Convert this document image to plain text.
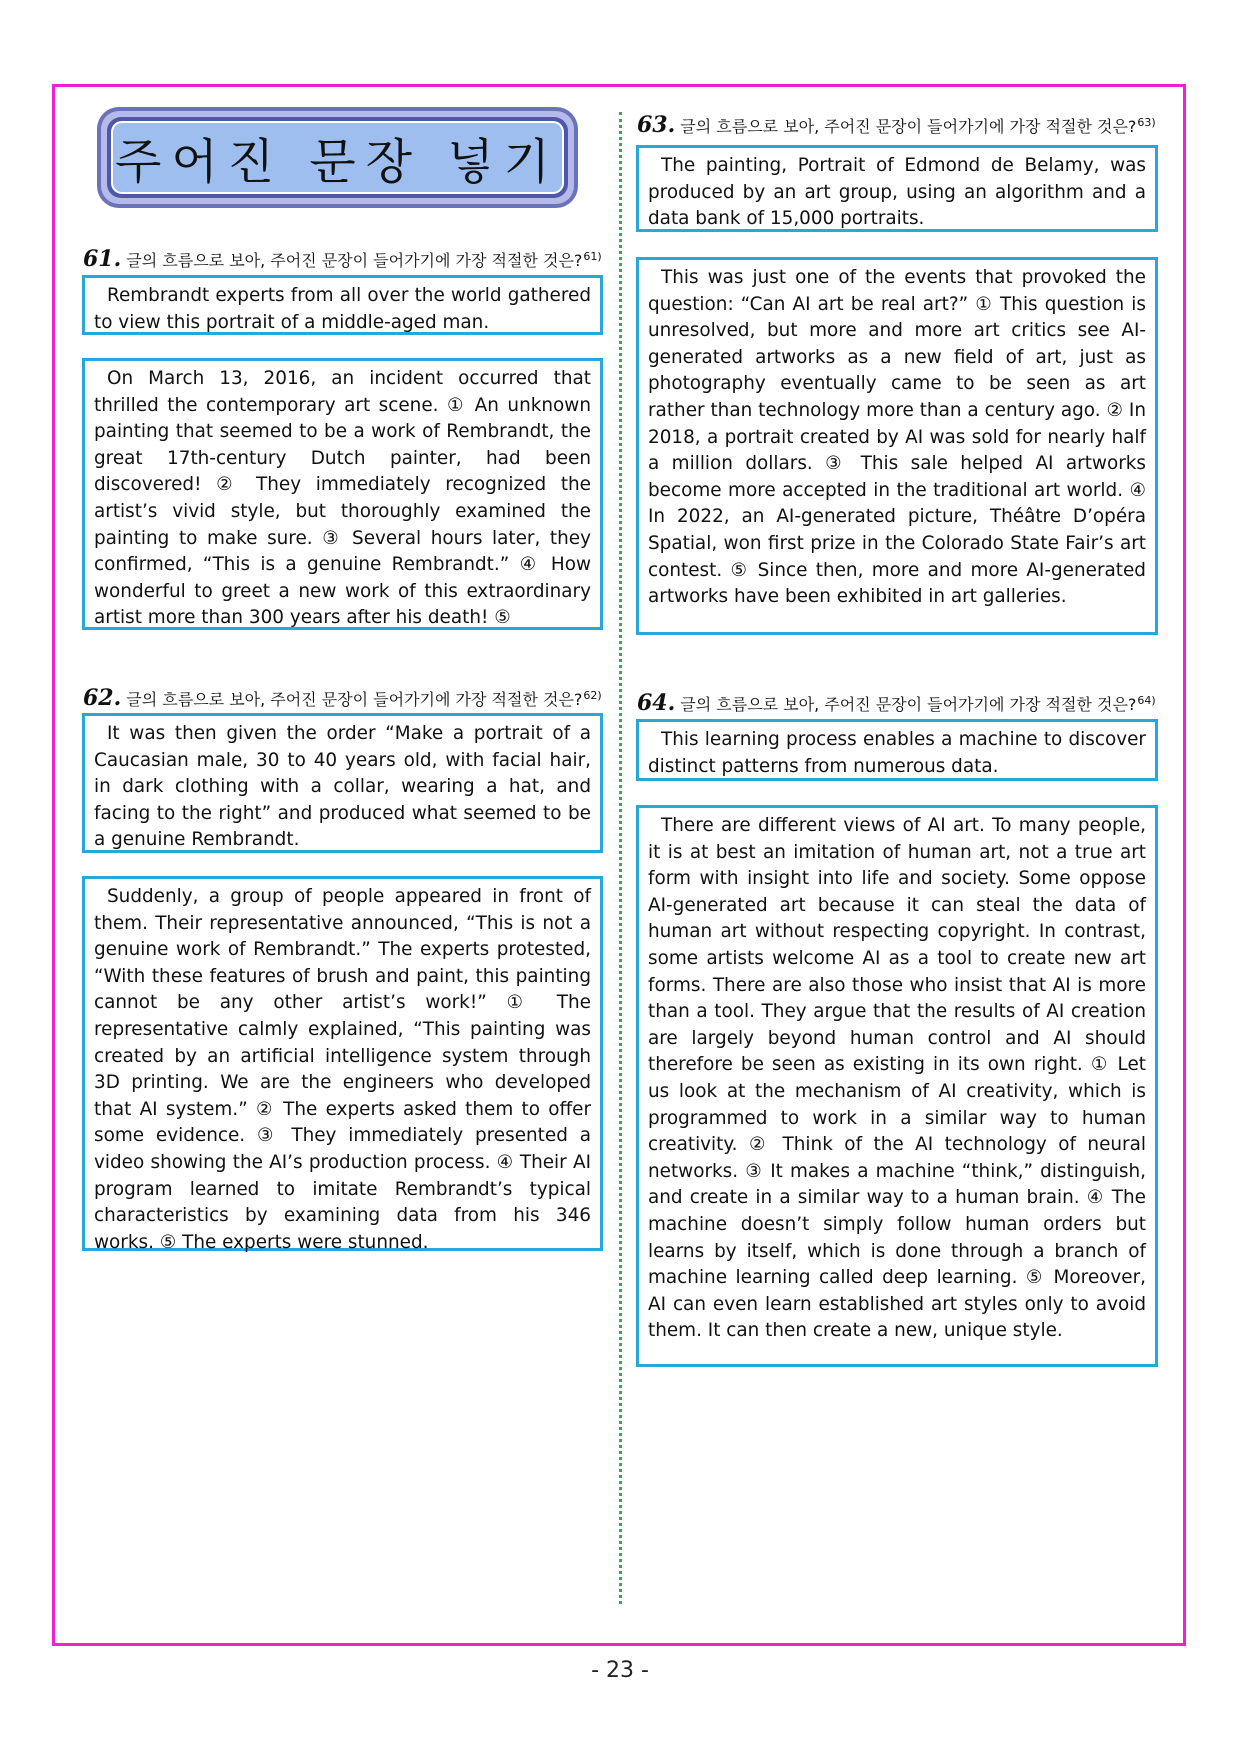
주어진 문장 넣기
61. 글의 흐름으로 보아, 주어진 문장이 들어가기에 가장 적절한 것은? 61)
Rembrandt experts from all over the world gathered to view this portrait of a middle-aged man.
On March 13, 2016, an incident occurred that thrilled the contemporary art scene. ① An unknown painting that seemed to be a work of Rembrandt, the great 17th-century Dutch painter, had been discovered! ② They immediately recognized the artist’s vivid style, but thoroughly examined the painting to make sure. ③ Several hours later, they confirmed, “This is a genuine Rembrandt.” ④ How wonderful to greet a new work of this extraordinary artist more than 300 years after his death! ⑤
62. 글의 흐름으로 보아, 주어진 문장이 들어가기에 가장 적절한 것은? 62)
It was then given the order “Make a portrait of a Caucasian male, 30 to 40 years old, with facial hair, in dark clothing with a collar, wearing a hat, and facing to the right” and produced what seemed to be a genuine Rembrandt.
Suddenly, a group of people appeared in front of them. Their representative announced, “This is not a genuine work of Rembrandt.” The experts protested, “With these features of brush and paint, this painting cannot be any other artist’s work!” ① The representative calmly explained, “This painting was created by an artificial intelligence system through 3D printing. We are the engineers who developed that AI system.” ② The experts asked them to offer some evidence. ③ They immediately presented a video showing the AI’s production process. ④ Their AI program learned to imitate Rembrandt’s typical characteristics by examining data from his 346 works. ⑤ The experts were stunned.
63. 글의 흐름으로 보아, 주어진 문장이 들어가기에 가장 적절한 것은? 63)
The painting, Portrait of Edmond de Belamy, was produced by an art group, using an algorithm and a data bank of 15,000 portraits.
This was just one of the events that provoked the question: “Can AI art be real art?” ① This question is unresolved, but more and more art critics see AI-generated artworks as a new field of art, just as photography eventually came to be seen as art rather than technology more than a century ago. ② In 2018, a portrait created by AI was sold for nearly half a million dollars. ③ This sale helped AI artworks become more accepted in the traditional art world. ④ In 2022, an AI-generated picture, Théâtre D’opéra Spatial, won first prize in the Colorado State Fair’s art contest. ⑤ Since then, more and more AI-generated artworks have been exhibited in art galleries.
64. 글의 흐름으로 보아, 주어진 문장이 들어가기에 가장 적절한 것은? 64)
This learning process enables a machine to discover distinct patterns from numerous data.
There are different views of AI art. To many people, it is at best an imitation of human art, not a true art form with insight into life and society. Some oppose AI-generated art because it can steal the data of human art without respecting copyright. In contrast, some artists welcome AI as a tool to create new art forms. There are also those who insist that AI is more than a tool. They argue that the results of AI creation are largely beyond human control and AI should therefore be seen as existing in its own right. ① Let us look at the mechanism of AI creativity, which is programmed to work in a similar way to human creativity. ② Think of the AI technology of neural networks. ③ It makes a machine “think,” distinguish, and create in a similar way to a human brain. ④ The machine doesn’t simply follow human orders but learns by itself, which is done through a branch of machine learning called deep learning. ⑤ Moreover, AI can even learn established art styles only to avoid them. It can then create a new, unique style.
- 23 -
